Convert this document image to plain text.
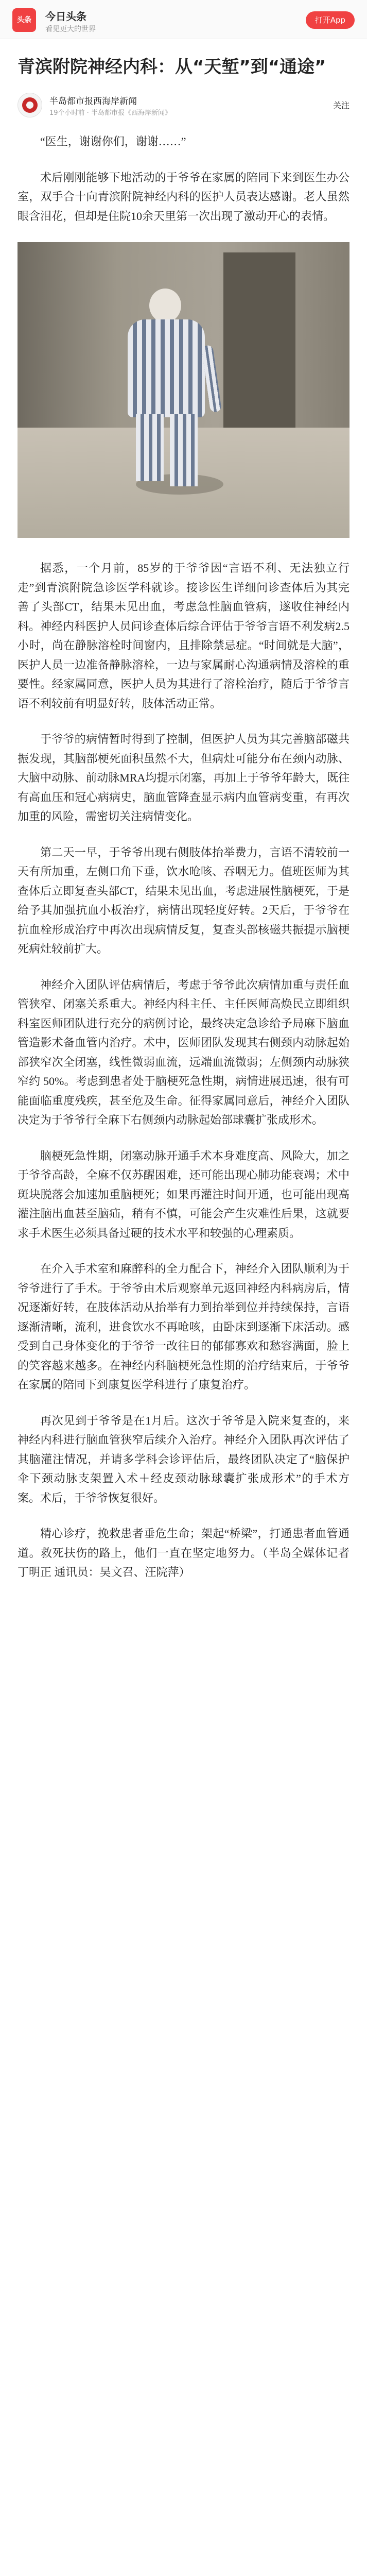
头条	今日头条
看见更大的世界
打开App
青滨附院神经内科：从“天堑”到“通途”
半岛都市报西海岸新闻
19个小时前 · 半岛都市报《西海岸新闻》
关注

“医生，谢谢你们，谢谢……”

术后刚刚能够下地活动的于爷爷在家属的陪同下来到医生办公室，双手合十向青滨附院神经内科的医护人员表达感谢。老人虽然眼含泪花，但却是住院10余天里第一次出现了激动开心的表情。

据悉，一个月前，85岁的于爷爷因“言语不利、无法独立行走”到青滨附院急诊医学科就诊。接诊医生详细问诊查体后为其完善了头部CT，结果未见出血，考虑急性脑血管病，遂收住神经内科。神经内科医护人员问诊查体后综合评估于爷爷言语不利发病2.5小时，尚在静脉溶栓时间窗内，且排除禁忌症。“时间就是大脑”，医护人员一边准备静脉溶栓，一边与家属耐心沟通病情及溶栓的重要性。经家属同意，医护人员为其进行了溶栓治疗，随后于爷爷言语不利较前有明显好转，肢体活动正常。

于爷爷的病情暂时得到了控制，但医护人员为其完善脑部磁共振发现，其脑部梗死面积虽然不大，但病灶可能分布在颈内动脉、大脑中动脉、前动脉MRA均提示闭塞，再加上于爷爷年龄大，既往有高血压和冠心病病史，脑血管降查显示病内血管病变重，有再次加重的风险，需密切关注病情变化。

第二天一早，于爷爷出现右侧肢体抬举费力，言语不清较前一天有所加重，左侧口角下垂，饮水呛咳、吞咽无力。值班医师为其查体后立即复查头部CT，结果未见出血，考虑进展性脑梗死，于是给予其加强抗血小板治疗，病情出现轻度好转。2天后，于爷爷在抗血栓形成治疗中再次出现病情反复，复查头部核磁共振提示脑梗死病灶较前扩大。

神经介入团队评估病情后，考虑于爷爷此次病情加重与责任血管狭窄、闭塞关系重大。神经内科主任、主任医师高焕民立即组织科室医师团队进行充分的病例讨论，最终决定急诊给予局麻下脑血管造影术备血管内治疗。术中，医师团队发现其右侧颈内动脉起始部狭窄次全闭塞，线性微弱血流，远端血流微弱；左侧颈内动脉狭窄约 50%。考虑到患者处于脑梗死急性期，病情进展迅速，很有可能面临重度残疾，甚至危及生命。征得家属同意后，神经介入团队决定为于爷爷行全麻下右侧颈内动脉起始部球囊扩张成形术。

脑梗死急性期，闭塞动脉开通手术本身难度高、风险大，加之于爷爷高龄，全麻不仅苏醒困难，还可能出现心肺功能衰竭；术中斑块脱落会加速加重脑梗死；如果再灌注时间开通，也可能出现高灌注脑出血甚至脑疝，稍有不慎，可能会产生灾难性后果，这就要求手术医生必须具备过硬的技术水平和较强的心理素质。

在介入手术室和麻醉科的全力配合下，神经介入团队顺利为于爷爷进行了手术。于爷爷由术后观察单元返回神经内科病房后，情况逐渐好转，在肢体活动从抬举有力到抬举到位并持续保持，言语逐渐清晰，流利，进食饮水不再呛咳，由卧床到逐渐下床活动。感受到自己身体变化的于爷爷一改往日的郁郁寡欢和愁容满面，脸上的笑容越来越多。在神经内科脑梗死急性期的治疗结束后，于爷爷在家属的陪同下到康复医学科进行了康复治疗。

再次见到于爷爷是在1月后。这次于爷爷是入院来复查的，来神经内科进行脑血管狭窄后续介入治疗。神经介入团队再次评估了其脑灌注情况，并请多学科会诊评估后，最终团队决定了“脑保护伞下颈动脉支架置入术＋经皮颈动脉球囊扩张成形术”的手术方案。术后，于爷爷恢复很好。

精心诊疗，挽救患者垂危生命；架起“桥梁”，打通患者血管通道。救死扶伤的路上，他们一直在坚定地努力。（半岛全媒体记者 丁明正 通讯员：吴文召、汪院萍）
